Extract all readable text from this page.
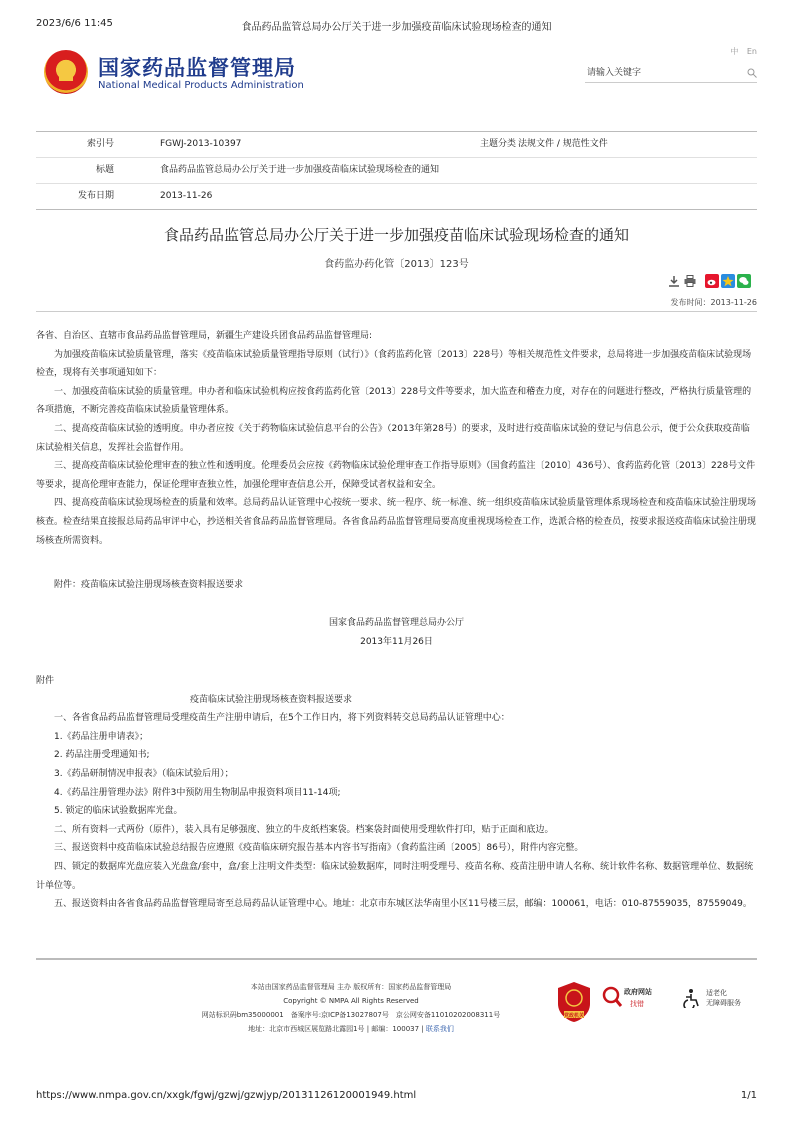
2023/6/6 11:45	食品药品监管总局办公厅关于进一步加强疫苗临床试验现场检查的通知
国家药品监督管理局
National Medical Products Administration
中 En
请输入关键字
索引号	FGWJ-2013-10397	主题分类 法规文件 / 规范性文件
标题	食品药品监管总局办公厅关于进一步加强疫苗临床试验现场检查的通知
发布日期	2013-11-26
食品药品监管总局办公厅关于进一步加强疫苗临床试验现场检查的通知
食药监办药化管〔2013〕123号
发布时间：2013-11-26

各省、自治区、直辖市食品药品监督管理局，新疆生产建设兵团食品药品监督管理局:

为加强疫苗临床试验质量管理，落实《疫苗临床试验质量管理指导原则（试行）》（食药监药化管〔2013〕228号）等相关规范性文件要求，总局将进一步加强疫苗临床试验现场检查，现将有关事项通知如下：

一、加强疫苗临床试验的质量管理。申办者和临床试验机构应按食药监药化管〔2013〕228号文件等要求，加大监查和稽查力度，对存在的问题进行整改，严格执行质量管理的各项措施，不断完善疫苗临床试验质量管理体系。

二、提高疫苗临床试验的透明度。申办者应按《关于药物临床试验信息平台的公告》（2013年第28号）的要求，及时进行疫苗临床试验的登记与信息公示，便于公众获取疫苗临床试验相关信息，发挥社会监督作用。

三、提高疫苗临床试验伦理审查的独立性和透明度。伦理委员会应按《药物临床试验伦理审查工作指导原则》（国食药监注〔2010〕436号）、食药监药化管〔2013〕228号文件等要求，提高伦理审查能力，保证伦理审查独立性，加强伦理审查信息公开，保障受试者权益和安全。

四、提高疫苗临床试验现场检查的质量和效率。总局药品认证管理中心按统一要求、统一程序、统一标准、统一组织疫苗临床试验质量管理体系现场检查和疫苗临床试验注册现场核查。检查结果直接报总局药品审评中心，抄送相关省食品药品监督管理局。各省食品药品监督管理局要高度重视现场检查工作，选派合格的检查员，按要求报送疫苗临床试验注册现场核查所需资料。

附件：疫苗临床试验注册现场核查资料报送要求

国家食品药品监督管理总局办公厅

2013年11月26日

附件

疫苗临床试验注册现场核查资料报送要求

一、各省食品药品监督管理局受理疫苗生产注册申请后，在5个工作日内，将下列资料转交总局药品认证管理中心：

1.《药品注册申请表》；

2. 药品注册受理通知书;

3.《药品研制情况申报表》（临床试验后用）；

4.《药品注册管理办法》附件3中预防用生物制品申报资料项目11-14项;

5. 锁定的临床试验数据库光盘。

二、所有资料一式两份（原件），装入具有足够强度、独立的牛皮纸档案袋。档案袋封面使用受理软件打印，贴于正面和底边。

三、报送资料中疫苗临床试验总结报告应遵照《疫苗临床研究报告基本内容书写指南》（食药监注函〔2005〕86号），附件内容完整。

四、锁定的数据库光盘应装入光盘盒/套中，盒/套上注明文件类型：临床试验数据库，同时注明受理号、疫苗名称、疫苗注册申请人名称、统计软件名称、数据管理单位、数据统计单位等。

五、报送资料由各省食品药品监督管理局寄至总局药品认证管理中心。地址：北京市东城区法华南里小区11号楼三层，邮编：100061，电话：010-87559035，87559049。

本站由国家药品监督管理局 主办 版权所有：国家药品监督管理局
Copyright © NMPA All Rights Reserved
网站标识码bm35000001　备案序号:京ICP备13027807号　京公网安备11010202008311号
地址：北京市西城区展览路北露园1号 | 邮编：100037 | 联系我们
党政机关
政府网站
找错
适老化
无障碍服务
https://www.nmpa.gov.cn/xxgk/fgwj/gzwj/gzwjyp/20131126120001949.html	1/1
